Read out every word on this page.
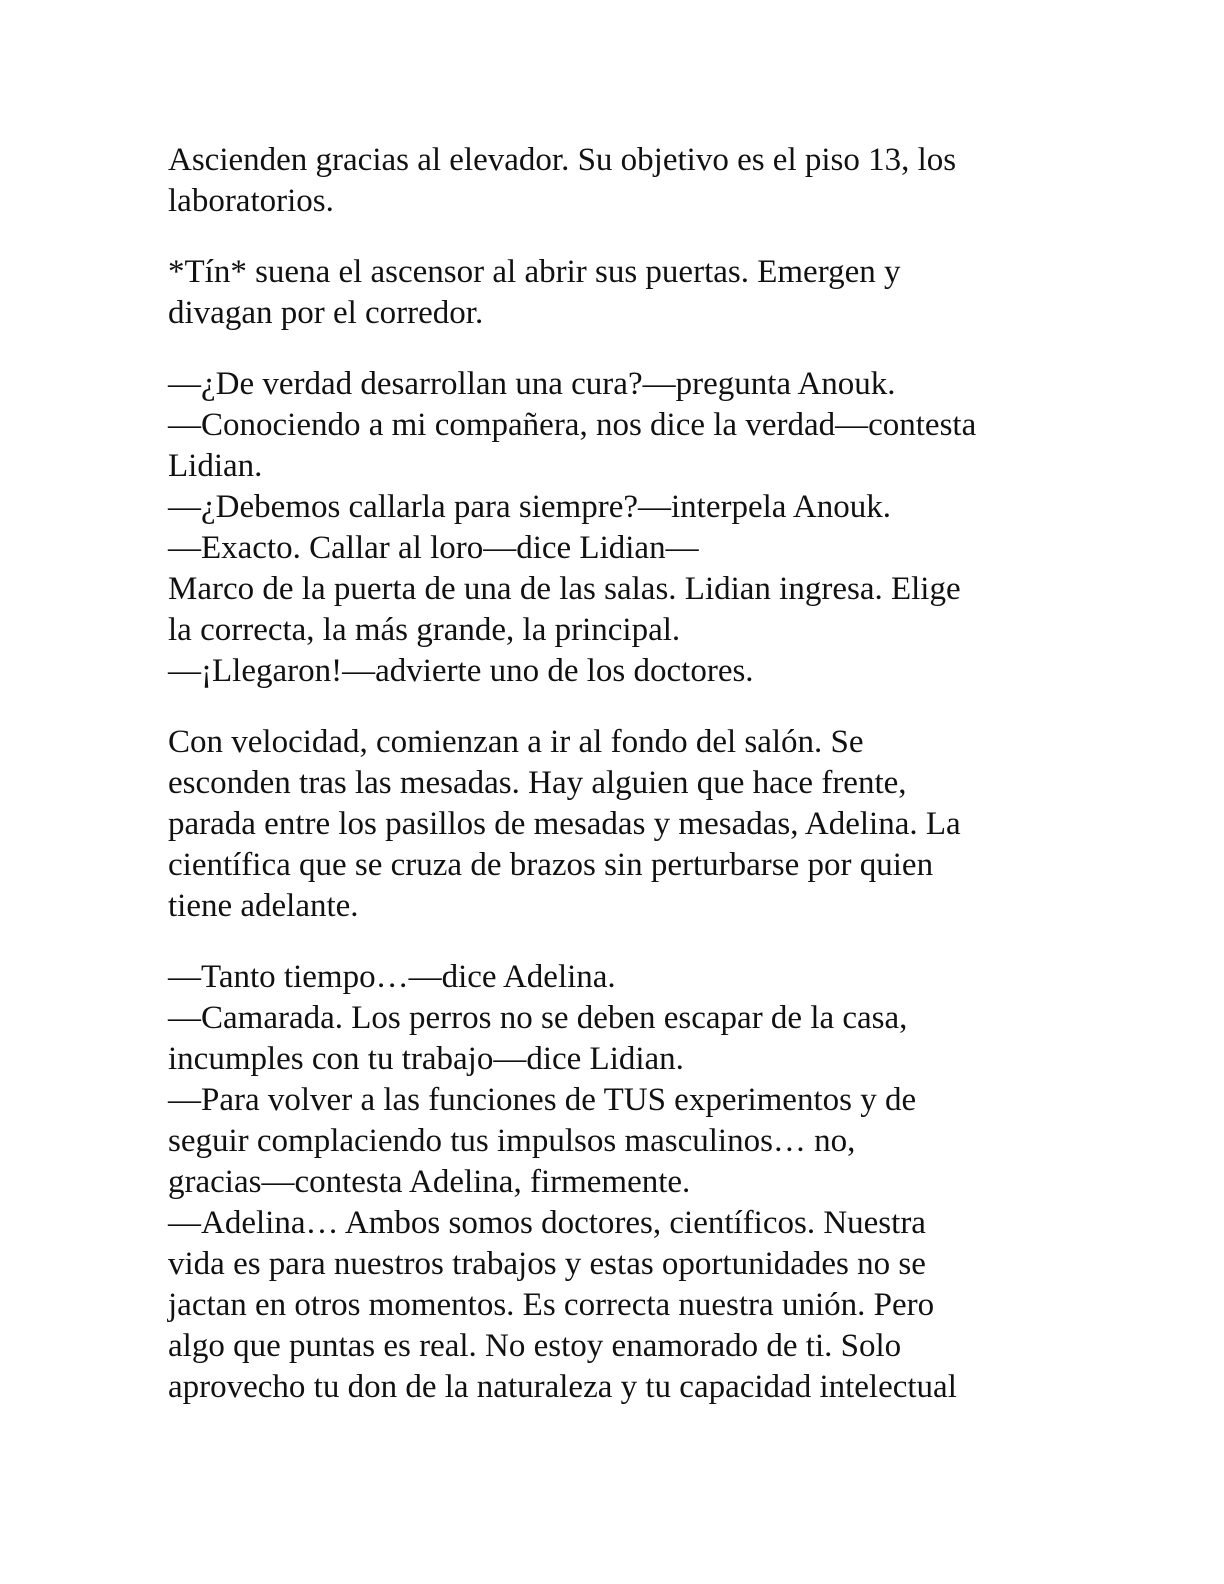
Ascienden gracias al elevador. Su objetivo es el piso 13, los
laboratorios.

*Tín* suena el ascensor al abrir sus puertas. Emergen y
divagan por el corredor.

—¿De verdad desarrollan una cura?—pregunta Anouk.
—Conociendo a mi compañera, nos dice la verdad—contesta
Lidian.
—¿Debemos callarla para siempre?—interpela Anouk.
—Exacto. Callar al loro—dice Lidian—
Marco de la puerta de una de las salas. Lidian ingresa. Elige
la correcta, la más grande, la principal.
—¡Llegaron!—advierte uno de los doctores.

Con velocidad, comienzan a ir al fondo del salón. Se
esconden tras las mesadas. Hay alguien que hace frente,
parada entre los pasillos de mesadas y mesadas, Adelina. La
científica que se cruza de brazos sin perturbarse por quien
tiene adelante.

—Tanto tiempo…—dice Adelina.
—Camarada. Los perros no se deben escapar de la casa,
incumples con tu trabajo—dice Lidian.
—Para volver a las funciones de TUS experimentos y de
seguir complaciendo tus impulsos masculinos… no,
gracias—contesta Adelina, firmemente.
—Adelina… Ambos somos doctores, científicos. Nuestra
vida es para nuestros trabajos y estas oportunidades no se
jactan en otros momentos. Es correcta nuestra unión. Pero
algo que puntas es real. No estoy enamorado de ti. Solo
aprovecho tu don de la naturaleza y tu capacidad intelectual
